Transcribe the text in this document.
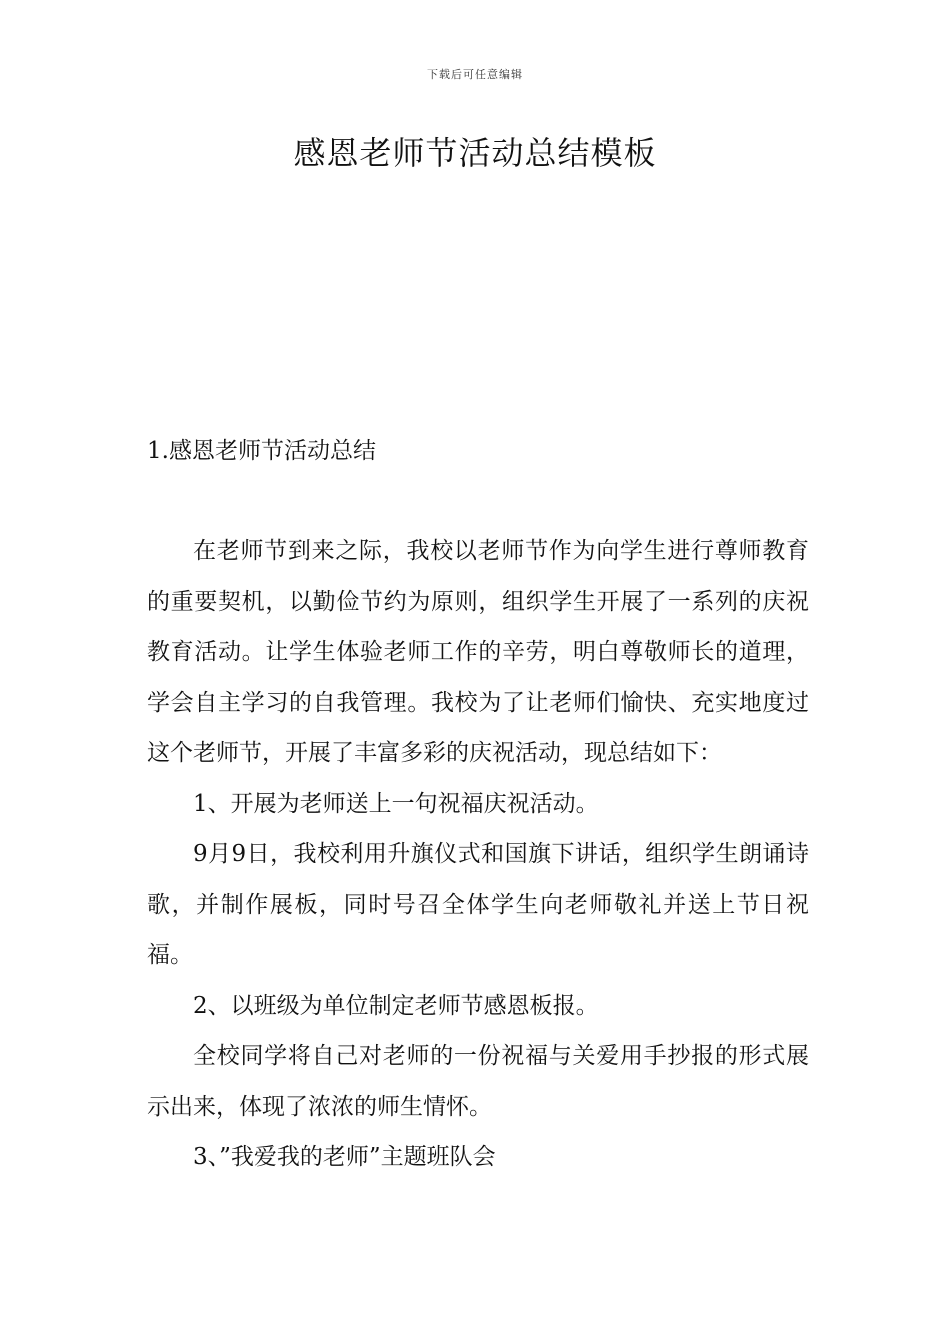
下载后可任意编辑
感恩老师节活动总结模板
1.感恩老师节活动总结

在老师节到来之际，我校以老师节作为向学生进行尊师教育的重要契机，以勤俭节约为原则，组织学生开展了一系列的庆祝教育活动。让学生体验老师工作的辛劳，明白尊敬师长的道理，学会自主学习的自我管理。我校为了让老师们愉快、充实地度过这个老师节，开展了丰富多彩的庆祝活动，现总结如下：

1、开展为老师送上一句祝福庆祝活动。

9月9日，我校利用升旗仪式和国旗下讲话，组织学生朗诵诗歌，并制作展板，同时号召全体学生向老师敬礼并送上节日祝福。

2、以班级为单位制定老师节感恩板报。

全校同学将自己对老师的一份祝福与关爱用手抄报的形式展示出来，体现了浓浓的师生情怀。

3、”我爱我的老师”主题班队会
